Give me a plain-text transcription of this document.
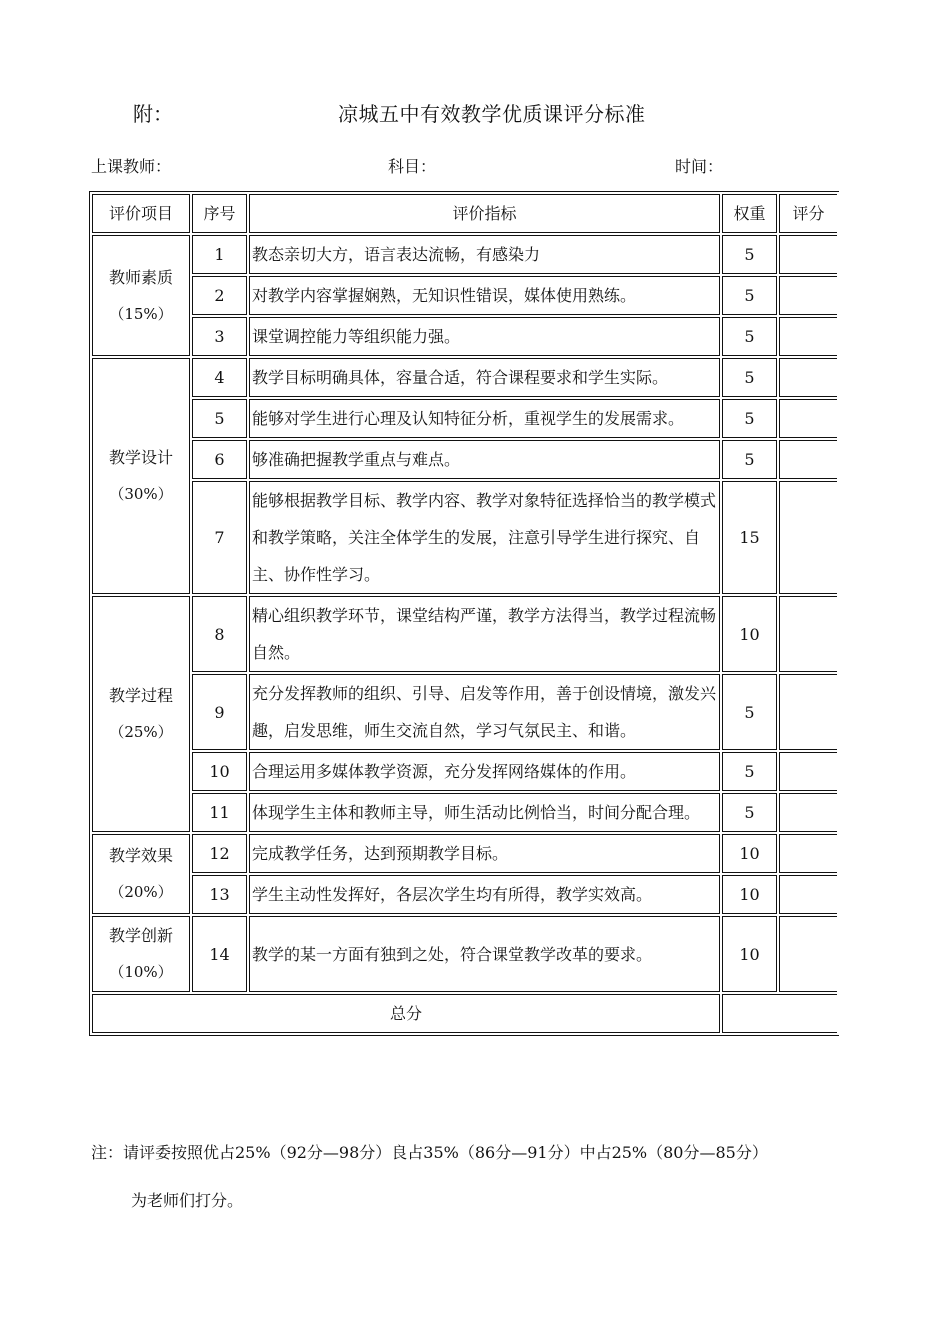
附：	凉城五中有效教学优质课评分标准
上课教师：	科目：	时间：
评价项目	序号	评价指标	权重	评分

教师素质
（15%）	1	教态亲切大方，语言表达流畅，有感染力	5	
	2	对教学内容掌握娴熟，无知识性错误，媒体使用熟练。	5	
	3	课堂调控能力等组织能力强。	5	

教学设计
（30%）	4	教学目标明确具体，容量合适，符合课程要求和学生实际。	5	
	5	能够对学生进行心理及认知特征分析，重视学生的发展需求。	5	
	6	够准确把握教学重点与难点。	5	
	7	能够根据教学目标、教学内容、教学对象特征选择恰当的教学模式和教学策略，关注全体学生的发展，注意引导学生进行探究、自主、协作性学习。	15	

教学过程
（25%）	8	精心组织教学环节，课堂结构严谨，教学方法得当，教学过程流畅自然。	10	
	9	充分发挥教师的组织、引导、启发等作用，善于创设情境，激发兴趣，启发思维，师生交流自然，学习气氛民主、和谐。	5	
	10	合理运用多媒体教学资源，充分发挥网络媒体的作用。	5	
	11	体现学生主体和教师主导，师生活动比例恰当，时间分配合理。	5	

教学效果
（20%）	12	完成教学任务，达到预期教学目标。	10	
	13	学生主动性发挥好，各层次学生均有所得，教学实效高。	10	

教学创新
（10%）	14	教学的某一方面有独到之处，符合课堂教学改革的要求。	10	
总分				
注：请评委按照优占25%（92分—98分）良占35%（86分—91分）中占25%（80分—85分）
为老师们打分。
